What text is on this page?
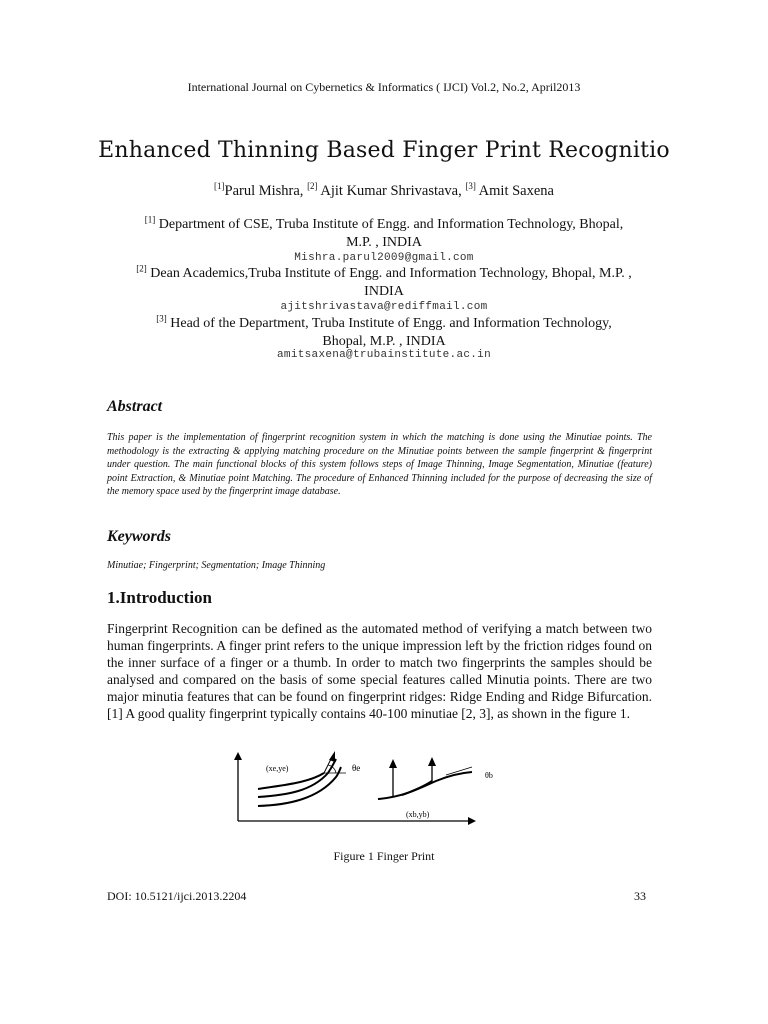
International Journal on Cybernetics & Informatics ( IJCI) Vol.2, No.2, April2013
Enhanced Thinning Based Finger Print Recognitio
[1]Parul Mishra, [2] Ajit Kumar Shrivastava, [3] Amit Saxena
[1] Department of CSE, Truba Institute of Engg. and Information Technology, Bhopal,
M.P. , INDIA
Mishra.parul2009@gmail.com
[2] Dean Academics,Truba Institute of Engg. and Information Technology, Bhopal, M.P. ,
INDIA
ajitshrivastava@rediffmail.com
[3] Head of the Department, Truba Institute of Engg. and Information Technology,
Bhopal, M.P. , INDIA
amitsaxena@trubainstitute.ac.in
Abstract
This paper is the implementation of fingerprint recognition system in which the matching is done using the Minutiae points. The methodology is the extracting & applying matching procedure on the Minutiae points between the sample fingerprint & fingerprint under question. The main functional blocks of this system follows steps of Image Thinning, Image Segmentation, Minutiae (feature) point Extraction, & Minutiae point Matching. The procedure of Enhanced Thinning included for the purpose of decreasing the size of the memory space used by the fingerprint image database.
Keywords
Minutiae; Fingerprint; Segmentation; Image Thinning
1.Introduction
Fingerprint Recognition can be defined as the automated method of verifying a match between two human fingerprints. A finger print refers to the unique impression left by the friction ridges found on the inner surface of a finger or a thumb. In order to match two fingerprints the samples should be analysed and compared on the basis of some special features called Minutia points. There are two major minutia features that can be found on fingerprint ridges: Ridge Ending and Ridge Bifurcation. [1] A good quality fingerprint typically contains 40-100 minutiae [2, 3], as shown in the figure 1.
(xe,ye)	θe
(xb,yb)
θb
Figure 1 Finger Print
DOI: 10.5121/ijci.2013.2204	33
